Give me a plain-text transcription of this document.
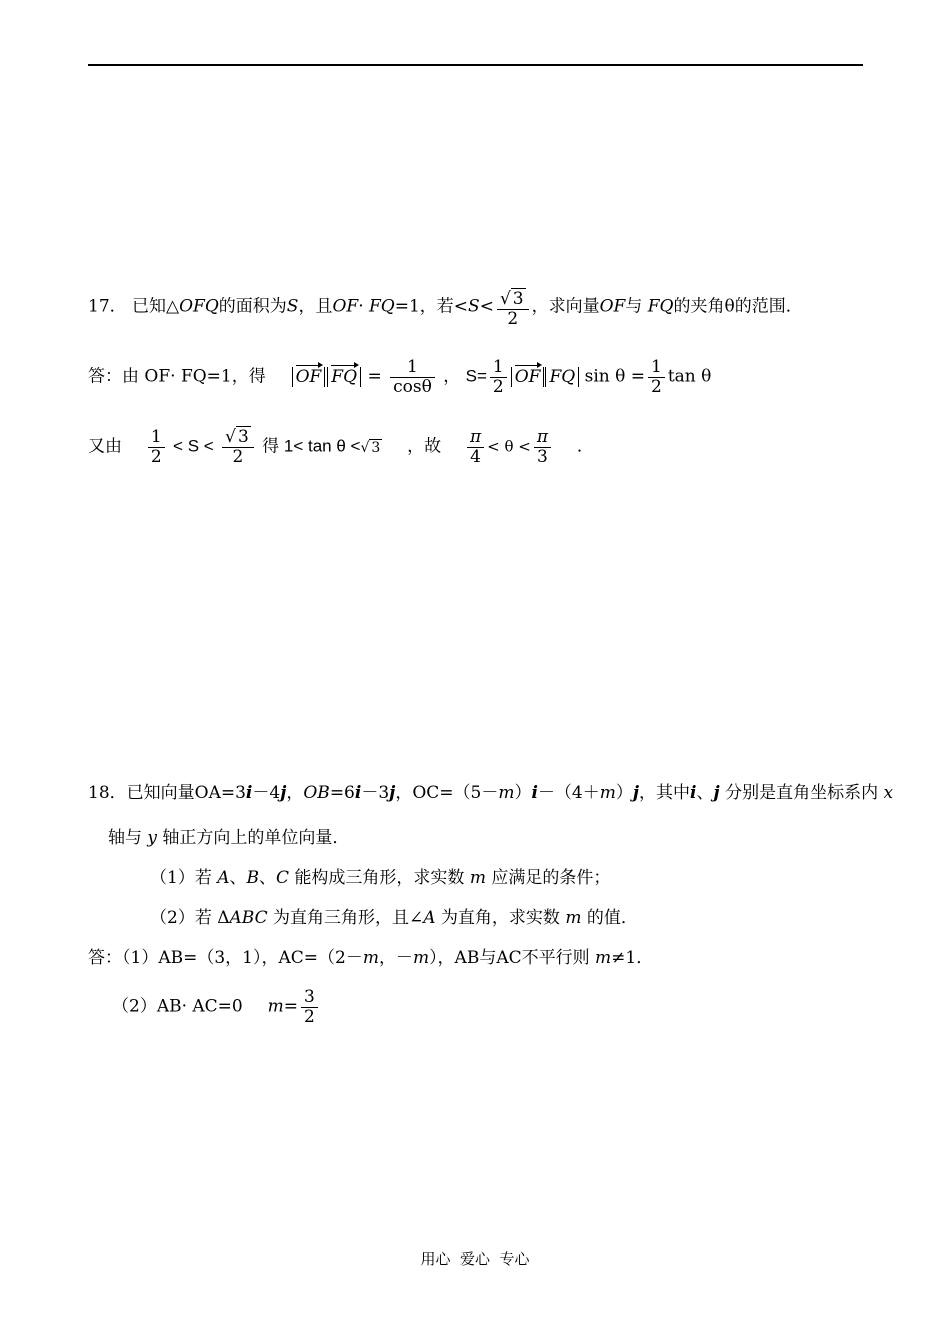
17． 已知△OFQ的面积为S，且OF· FQ=1，若$<S< \frac{√ 3}{2}$ ，求向量OF与 FQ的夹角θ的范围．
答：由 OF· FQ=1，得 OF FQ = $\frac{1}{\cos\theta}$ ， $S= \frac{1}{2}$ OF FQ $\sin \theta = \frac{1}{2}$ tan θ
又由 $\frac{1}{2} < S < \frac{√ 3}{2}$ 得 1< tan θ <√ 3 ，故 $\frac{\pi}{4} < \theta < \frac{\pi}{3}$ ．
18．已知向量OA=3i－4j，OB=6i－3j，OC=（5－m）i－（4＋m）j，其中i、j 分别是直角坐标系内 x
轴与 y 轴正方向上的单位向量．
（1）若 A、B、C 能构成三角形，求实数 m 应满足的条件；
（2）若 ΔABC 为直角三角形，且∠A 为直角，求实数 m 的值．
答：（1）AB=（3，1），AC=（2－m，－m），AB与AC不平行则 m≠1．
（2）AB· AC=0 $m= \frac{3}{2}$
用心  爱心  专心
